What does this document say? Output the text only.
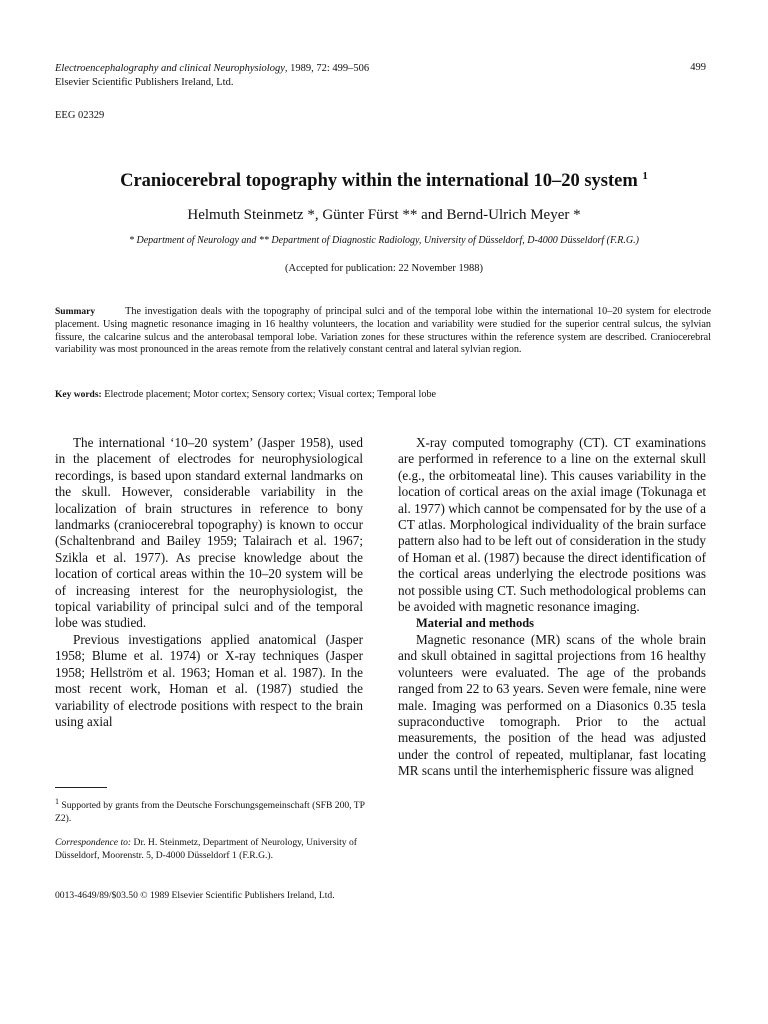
Electroencephalography and clinical Neurophysiology, 1989, 72: 499–506
Elsevier Scientific Publishers Ireland, Ltd.
499
EEG 02329
Craniocerebral topography within the international 10–20 system $^1$
Helmuth Steinmetz *, Günter Fürst ** and Bernd-Ulrich Meyer *
* Department of Neurology and ** Department of Diagnostic Radiology, University of Düsseldorf, D-4000 Düsseldorf (F.R.G.)
(Accepted for publication: 22 November 1988)
Summary	The investigation deals with the topography of principal sulci and of the temporal lobe within the international 10–20 system for electrode placement. Using magnetic resonance imaging in 16 healthy volunteers, the location and variability were studied for the superior central sulcus, the sylvian fissure, the calcarine sulcus and the anterobasal temporal lobe. Variation zones for these structures within the reference system are described. Craniocerebral variability was most pronounced in the areas remote from the relatively constant central and lateral sylvian region.
Key words: Electrode placement; Motor cortex; Sensory cortex; Visual cortex; Temporal lobe

The international ‘10–20 system’ (Jasper 1958), used in the placement of electrodes for neurophysiological recordings, is based upon standard external landmarks on the skull. However, considerable variability in the localization of brain structures in reference to bony landmarks (craniocerebral topography) is known to occur (Schaltenbrand and Bailey 1959; Talairach et al. 1967; Szikla et al. 1977). As precise knowledge about the location of cortical areas within the 10–20 system will be of increasing interest for the neurophysiologist, the topical variability of principal sulci and of the temporal lobe was studied.

Previous investigations applied anatomical (Jasper 1958; Blume et al. 1974) or X-ray techniques (Jasper 1958; Hellström et al. 1963; Homan et al. 1987). In the most recent work, Homan et al. (1987) studied the variability of electrode positions with respect to the brain using axial

X-ray computed tomography (CT). CT examinations are performed in reference to a line on the external skull (e.g., the orbitomeatal line). This causes variability in the location of cortical areas on the axial image (Tokunaga et al. 1977) which cannot be compensated for by the use of a CT atlas. Morphological individuality of the brain surface pattern also had to be left out of consideration in the study of Homan et al. (1987) because the direct identification of the cortical areas underlying the electrode positions was not possible using CT. Such methodological problems can be avoided with magnetic resonance imaging.

Material and methods

Magnetic resonance (MR) scans of the whole brain and skull obtained in sagittal projections from 16 healthy volunteers were evaluated. The age of the probands ranged from 22 to 63 years. Seven were female, nine were male. Imaging was performed on a Diasonics 0.35 tesla supraconductive tomograph. Prior to the actual measurements, the position of the head was adjusted under the control of repeated, multiplanar, fast locating MR scans until the interhemispheric fissure was aligned

$^1$ Supported by grants from the Deutsche Forschungsgemeinschaft (SFB 200, TP Z2).
Correspondence to: Dr. H. Steinmetz, Department of Neurology, University of Düsseldorf, Moorenstr. 5, D-4000 Düsseldorf 1 (F.R.G.).
0013-4649/89/$03.50 © 1989 Elsevier Scientific Publishers Ireland, Ltd.
